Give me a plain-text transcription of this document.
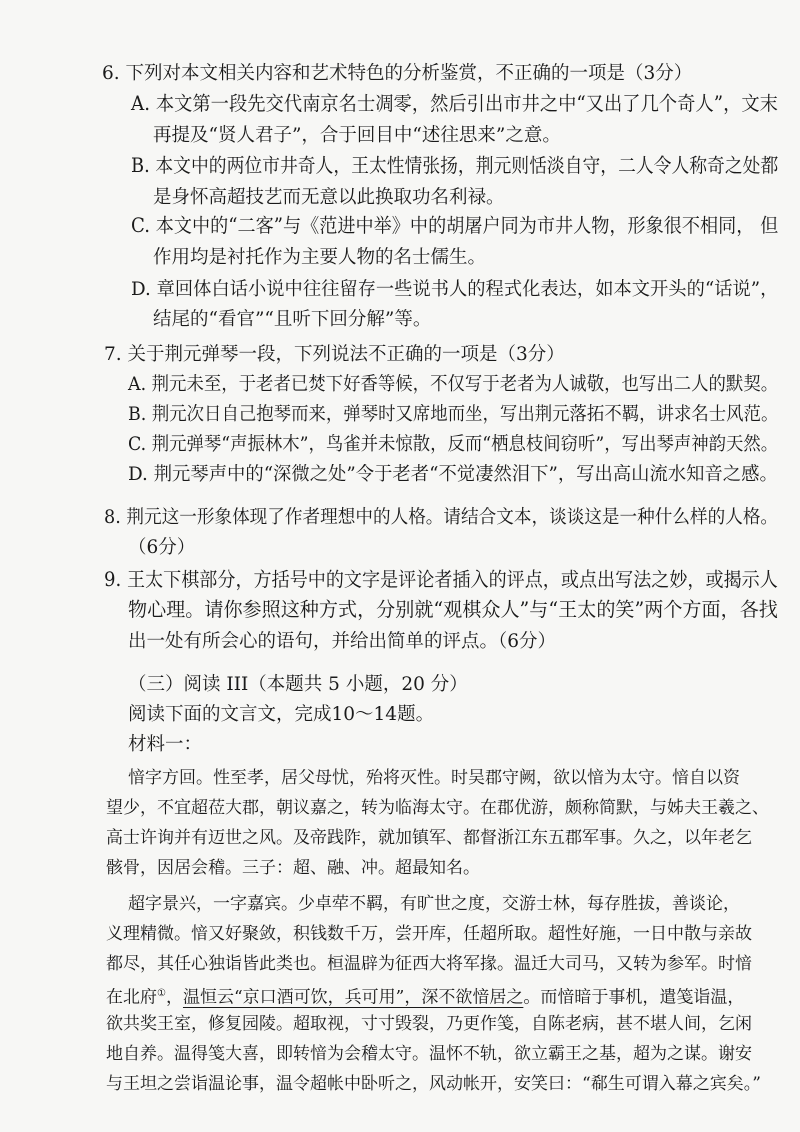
6. 下列对本文相关内容和艺术特色的分析鉴赏，不正确的一项是（3分）
A. 本文第一段先交代南京名士凋零，然后引出市井之中“又出了几个奇人”，文末
再提及“贤人君子”，合于回目中“述往思来”之意。
B. 本文中的两位市井奇人，王太性情张扬，荆元则恬淡自守，二人令人称奇之处都
是身怀高超技艺而无意以此换取功名利禄。
C. 本文中的“二客”与《范进中举》中的胡屠户同为市井人物，形象很不相同， 但
作用均是衬托作为主要人物的名士儒生。
D. 章回体白话小说中往往留存一些说书人的程式化表达，如本文开头的“话说”，
结尾的“看官”“且听下回分解”等。
7. 关于荆元弹琴一段，下列说法不正确的一项是（3分）
A. 荆元未至，于老者已焚下好香等候，不仅写于老者为人诚敬，也写出二人的默契。
B. 荆元次日自己抱琴而来，弹琴时又席地而坐，写出荆元落拓不羁，讲求名士风范。
C. 荆元弹琴“声振林木”，鸟雀并未惊散，反而“栖息枝间窃听”，写出琴声神韵天然。
D. 荆元琴声中的“深微之处”令于老者“不觉凄然泪下”，写出高山流水知音之感。
8. 荆元这一形象体现了作者理想中的人格。请结合文本，谈谈这是一种什么样的人格。
（6分）
9. 王太下棋部分，方括号中的文字是评论者插入的评点，或点出写法之妙，或揭示人
物心理。请你参照这种方式，分别就“观棋众人”与“王太的笑”两个方面，各找
出一处有所会心的语句，并给出简单的评点。（6分）
（三）阅读 III（本题共 5 小题，20 分）
阅读下面的文言文，完成10～14题。
材料一：
愔字方回。性至孝，居父母忧，殆将灭性。时吴郡守阙，欲以愔为太守。愔自以资
望少，不宜超莅大郡，朝议嘉之，转为临海太守。在郡优游，颇称简默，与姊夫王羲之、
高士许询并有迈世之风。及帝践阼，就加镇军、都督浙江东五郡军事。久之，以年老乞
骸骨，因居会稽。三子：超、融、冲。超最知名。
超字景兴，一字嘉宾。少卓荦不羁，有旷世之度，交游士林，每存胜拔，善谈论，
义理精微。愔又好聚敛，积钱数千万，尝开库，任超所取。超性好施，一日中散与亲故
都尽，其任心独诣皆此类也。桓温辟为征西大将军掾。温迁大司马，又转为参军。时愔
在北府①，温恒云“京口酒可饮，兵可用”，深不欲愔居之。而愔暗于事机，遣笺诣温，
欲共奖王室，修复园陵。超取视，寸寸毁裂，乃更作笺，自陈老病，甚不堪人间，乞闲
地自养。温得笺大喜，即转愔为会稽太守。温怀不轨，欲立霸王之基，超为之谋。谢安
与王坦之尝诣温论事，温令超帐中卧听之，风动帐开，安笑曰：“郗生可谓入幕之宾矣。”
